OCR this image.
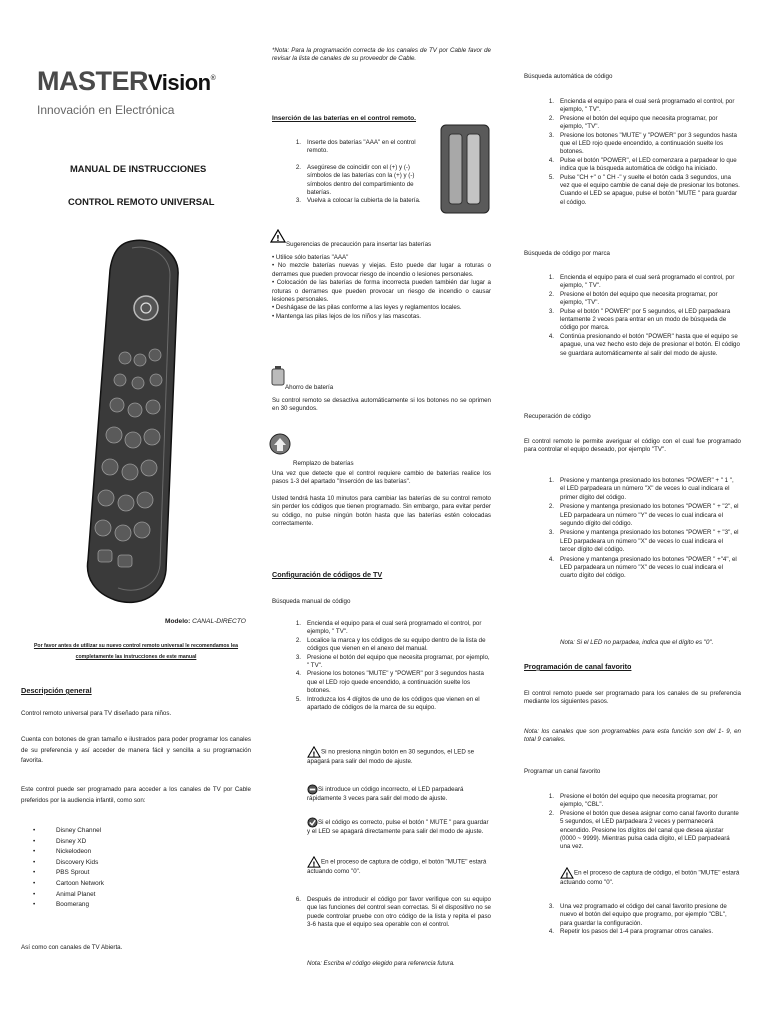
MASTERVision®
Innovación en Electrónica
MANUAL DE INSTRUCCIONES
CONTROL REMOTO UNIVERSAL
Modelo: CANAL-DIRECTO
Por favor antes de utilizar su nuevo control remoto universal le recomendamos lea
completamente las instrucciones de este manual
Descripción general
Control remoto universal para TV diseñado para niños.
Cuenta con botones de gran tamaño e ilustrados para poder programar los canales de su preferencia y así acceder de manera fácil y sencilla a su programación favorita.
Este control puede ser programado para acceder a los canales de TV por Cable preferidos por la audiencia infantil, como son:
• Disney Channel
• Disney XD
• Nickelodeon
• Discovery Kids
• PBS Sprout
• Cartoon Network
• Animal Planet
• Boomerang
Así como con canales de TV Abierta.
*Nota: Para la programación correcta de los canales de TV por Cable favor de revisar la lista de canales de su proveedor de Cable.
Inserción de las baterías en el control remoto.
1. Inserte dos baterías "AAA" en el control remoto.
2. Asegúrese de coincidir con el (+) y (-) símbolos de las baterías con la (+) y (-) símbolos dentro del compartimiento de baterías.
3. Vuelva a colocar la cubierta de la batería.
!
Sugerencias de precaución para insertar las baterías
• Utilice sólo baterías "AAA"
• No mezcle baterías nuevas y viejas. Esto puede dar lugar a roturas o derrames que pueden provocar riesgo de incendio o lesiones personales.
• Colocación de las baterías de forma incorrecta pueden también dar lugar a roturas o derrames que pueden provocar un riesgo de incendio o causar lesiones personales.
• Deshágase de las pilas conforme a las leyes y reglamentos locales.
• Mantenga las pilas lejos de los niños y las mascotas.
Ahorro de batería
Su control remoto se desactiva automáticamente si los botones no se oprimen en 30 segundos.
Remplazo de baterías
Una vez que detecte que el control requiere cambio de baterías realice los pasos 1-3 del apartado "Inserción de las baterías".
Usted tendrá hasta 10 minutos para cambiar las baterías de su control remoto sin perder los códigos que tienen programado. Sin embargo, para evitar perder su código, no pulse ningún botón hasta que las baterías estén colocadas correctamente.
Configuración de códigos de TV
Búsqueda manual de código
1. Encienda el equipo para el cual será programado el control, por ejemplo, " TV".
2. Localice la marca y los códigos de su equipo dentro de la lista de códigos que vienen en el anexo del manual.
3. Presione el botón del equipo que necesita programar, por ejemplo, " TV".
4. Presione los botones "MUTE" y "POWER" por 3 segundos hasta que el LED rojo quede encendido, a continuación suelte los botones.
5. Introduzca los 4 dígitos de uno de los códigos que vienen en el apartado de códigos de la marca de su equipo.
! Si no presiona ningún botón en 30 segundos, el LED se apagará para salir del modo de ajuste.
Si introduce un código incorrecto, el LED parpadeará rápidamente 3 veces para salir del modo de ajuste.
Si el código es correcto, pulse el botón " MUTE " para guardar y el LED se apagará directamente para salir del modo de ajuste.
! En el proceso de captura de código, el botón "MUTE" estará actuando como "0".
6. Después de introducir el código por favor verifique con su equipo que las funciones del control sean correctas. Si el dispositivo no se puede controlar pruebe con otro código de la lista y repita el paso 3-6 hasta que el equipo sea operable con el control.
Nota: Escriba el código elegido para referencia futura.
Búsqueda automática de código
1. Encienda el equipo para el cual será programado el control, por ejemplo, " TV".
2. Presione el botón del equipo que necesita programar, por ejemplo, "TV".
3. Presione los botones "MUTE" y "POWER" por 3 segundos hasta que el LED rojo quede encendido, a continuación suelte los botones.
4. Pulse el botón "POWER", el LED comenzara a parpadear lo que indica que la búsqueda automática de código ha iniciado.
5. Pulse "CH +" o " CH -" y suelte el botón cada 3 segundos, una vez que el equipo cambie de canal deje de presionar los botones. Cuando el LED se apague, pulse el botón "MUTE " para guardar el código.
Búsqueda de código por marca
1. Encienda el equipo para el cual será programado el control, por ejemplo, " TV".
2. Presione el botón del equipo que necesita programar, por ejemplo, "TV".
3. Pulse el botón " POWER" por 5 segundos, el LED parpadeara lentamente 2 veces para entrar en un modo de búsqueda de código por marca.
4. Continúa presionando el botón "POWER" hasta que el equipo se apague, una vez hecho esto deje de presionar el botón. El código se guardara automáticamente al salir del modo de ajuste.
Recuperación de código
El control remoto le permite averiguar el código con el cual fue programado para controlar el equipo deseado, por ejemplo "TV".
1. Presione y mantenga presionado los botones "POWER" + " 1 ", el LED parpadeara un número "X" de veces lo cual indicara el primer dígito del código.
2. Presione y mantenga presionado los botones "POWER " + "2", el LED parpadeara un número "Y" de veces lo cual indicara el segundo dígito del código.
3. Presione y mantenga presionado los botones "POWER " + "3", el LED parpadeara un número "X" de veces lo cual indicara el tercer dígito del código.
4. Presione y mantenga presionado los botones "POWER " +"4", el LED parpadeara un número "X" de veces lo cual indicara el cuarto dígito del código.
Nota: Si el LED no parpadea, indica que el dígito es "0".
Programación de canal favorito
El control remoto puede ser programado para los canales de su preferencia mediante los siguientes pasos.
Nota: los canales que son programables para esta función son del 1- 9, en total 9 canales.
Programar un canal favorito
1. Presione el botón del equipo que necesita programar, por ejemplo, "CBL".
2. Presione el botón que desea asignar como canal favorito durante 5 segundos, el LED parpadeara 2 veces y permanecerá encendido. Presione los dígitos del canal que desea ajustar (0000 ~ 9999). Mientras pulsa cada dígito, el LED parpadeará una vez.
! En el proceso de captura de código, el botón "MUTE" estará actuando como "0".
3. Una vez programado el código del canal favorito presione de nuevo el botón del equipo que programo, por ejemplo "CBL", para guardar la configuración.
4. Repetir los pasos del 1-4 para programar otros canales.
